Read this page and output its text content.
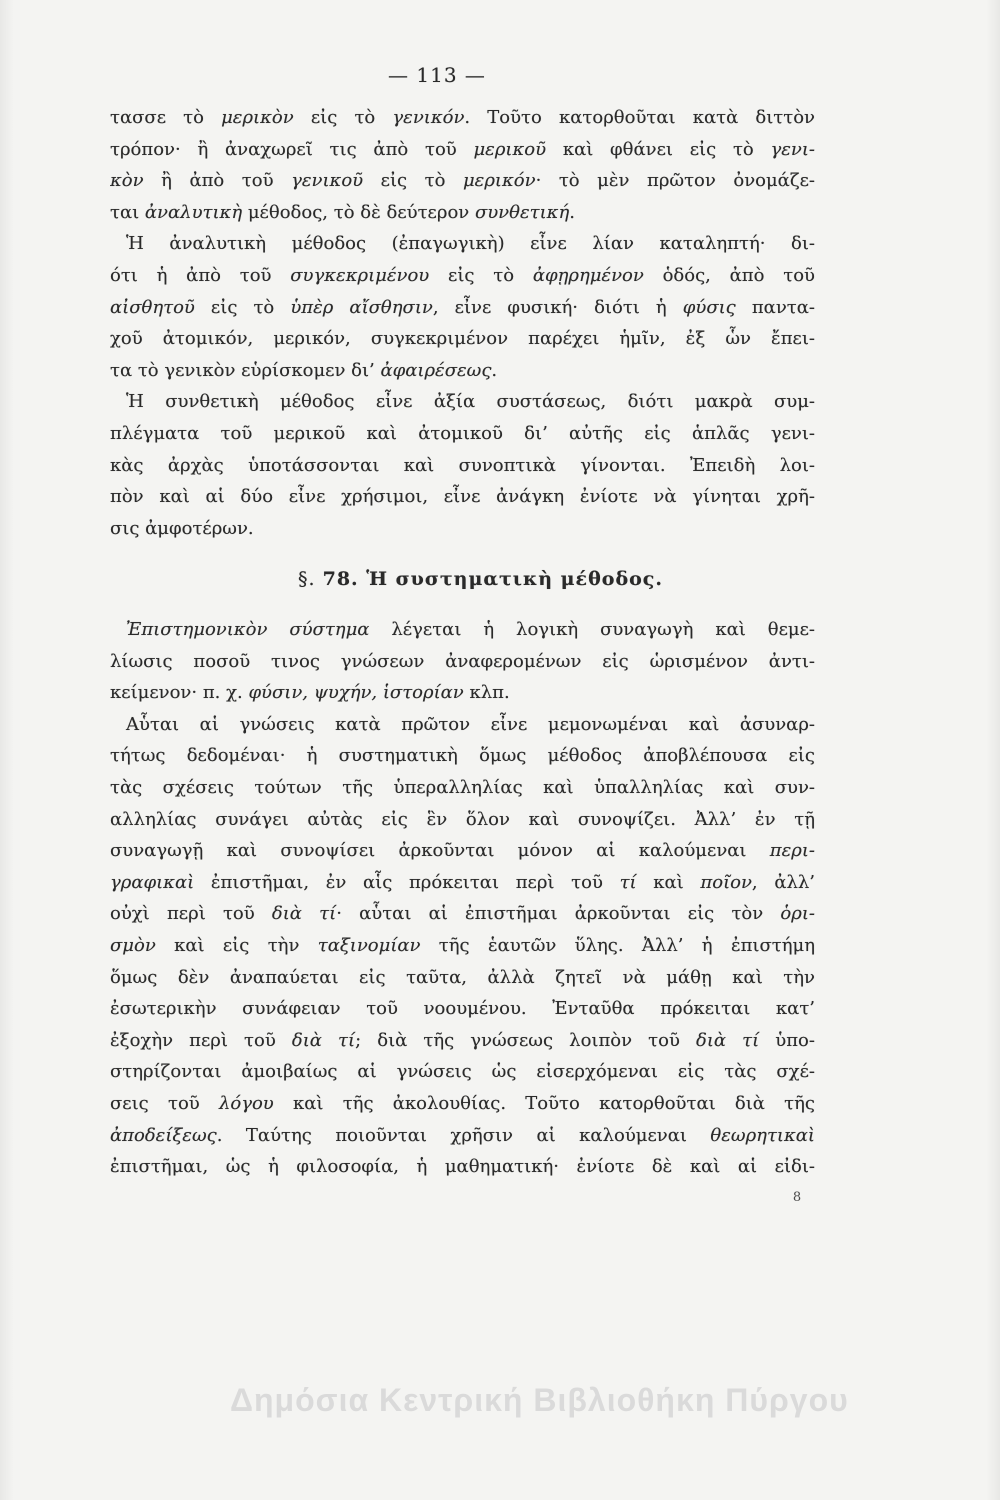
— 113 —
τασσε τὸ μερικὸν εἰς τὸ γενικόν. Τοῦτο κατορθοῦται κατὰ διττὸν
τρόπον· ἢ ἀναχωρεῖ τις ἀπὸ τοῦ μερικοῦ καὶ φθάνει εἰς τὸ γενι-
κὸν ἢ ἀπὸ τοῦ γενικοῦ εἰς τὸ μερικόν· τὸ μὲν πρῶτον ὀνομάζε-
ται ἀναλυτικὴ μέθοδος, τὸ δὲ δεύτερον συνθετική.
Ἡ ἀναλυτικὴ μέθοδος (ἐπαγωγικὴ) εἶνε λίαν καταληπτή· δι-
ότι ἡ ἀπὸ τοῦ συγκεκριμένου εἰς τὸ ἀφῃρημένον ὁδός, ἀπὸ τοῦ
αἰσθητοῦ εἰς τὸ ὑπὲρ αἴσθησιν, εἶνε φυσική· διότι ἡ φύσις παντα-
χοῦ ἀτομικόν, μερικόν, συγκεκριμένον παρέχει ἡμῖν, ἐξ ὧν ἔπει-
τα τὸ γενικὸν εὑρίσκομεν δι’ ἀφαιρέσεως.
Ἡ συνθετικὴ μέθοδος εἶνε ἀξία συστάσεως, διότι μακρὰ συμ-
πλέγματα τοῦ μερικοῦ καὶ ἀτομικοῦ δι’ αὐτῆς εἰς ἁπλᾶς γενι-
κὰς ἀρχὰς ὑποτάσσονται καὶ συνοπτικὰ γίνονται. Ἐπειδὴ λοι-
πὸν καὶ αἱ δύο εἶνε χρήσιμοι, εἶνε ἀνάγκη ἐνίοτε νὰ γίνηται χρῆ-
σις ἀμφοτέρων.
§. 78. Ἡ συστηματικὴ μέθοδος.
Ἐπιστημονικὸν σύστημα λέγεται ἡ λογικὴ συναγωγὴ καὶ θεμε-
λίωσις ποσοῦ τινος γνώσεων ἀναφερομένων εἰς ὡρισμένον ἀντι-
κείμενον· π. χ. φύσιν, ψυχήν, ἱστορίαν κλπ.
Αὗται αἱ γνώσεις κατὰ πρῶτον εἶνε μεμονωμέναι καὶ ἀσυναρ-
τήτως δεδομέναι· ἡ συστηματικὴ ὅμως μέθοδος ἀποβλέπουσα εἰς
τὰς σχέσεις τούτων τῆς ὑπεραλληλίας καὶ ὑπαλληλίας καὶ συν-
αλληλίας συνάγει αὐτὰς εἰς ἓν ὅλον καὶ συνοψίζει. Ἀλλ’ ἐν τῇ
συναγωγῇ καὶ συνοψίσει ἀρκοῦνται μόνον αἱ καλούμεναι περι-
γραφικαὶ ἐπιστῆμαι, ἐν αἷς πρόκειται περὶ τοῦ τί καὶ ποῖον, ἀλλ’
οὐχὶ περὶ τοῦ διὰ τί· αὗται αἱ ἐπιστῆμαι ἀρκοῦνται εἰς τὸν ὁρι-
σμὸν καὶ εἰς τὴν ταξινομίαν τῆς ἑαυτῶν ὕλης. Ἀλλ’ ἡ ἐπιστήμη
ὅμως δὲν ἀναπαύεται εἰς ταῦτα, ἀλλὰ ζητεῖ νὰ μάθῃ καὶ τὴν
ἐσωτερικὴν συνάφειαν τοῦ νοουμένου. Ἐνταῦθα πρόκειται κατ’
ἐξοχὴν περὶ τοῦ διὰ τί; διὰ τῆς γνώσεως λοιπὸν τοῦ διὰ τί ὑπο-
στηρίζονται ἀμοιβαίως αἱ γνώσεις ὡς εἰσερχόμεναι εἰς τὰς σχέ-
σεις τοῦ λόγου καὶ τῆς ἀκολουθίας. Τοῦτο κατορθοῦται διὰ τῆς
ἀποδείξεως. Ταύτης ποιοῦνται χρῆσιν αἱ καλούμεναι θεωρητικαὶ
ἐπιστῆμαι, ὡς ἡ φιλοσοφία, ἡ μαθηματική· ἐνίοτε δὲ καὶ αἱ εἰδι-
8
Δημόσια Κεντρική Βιβλιοθήκη Πύργου
